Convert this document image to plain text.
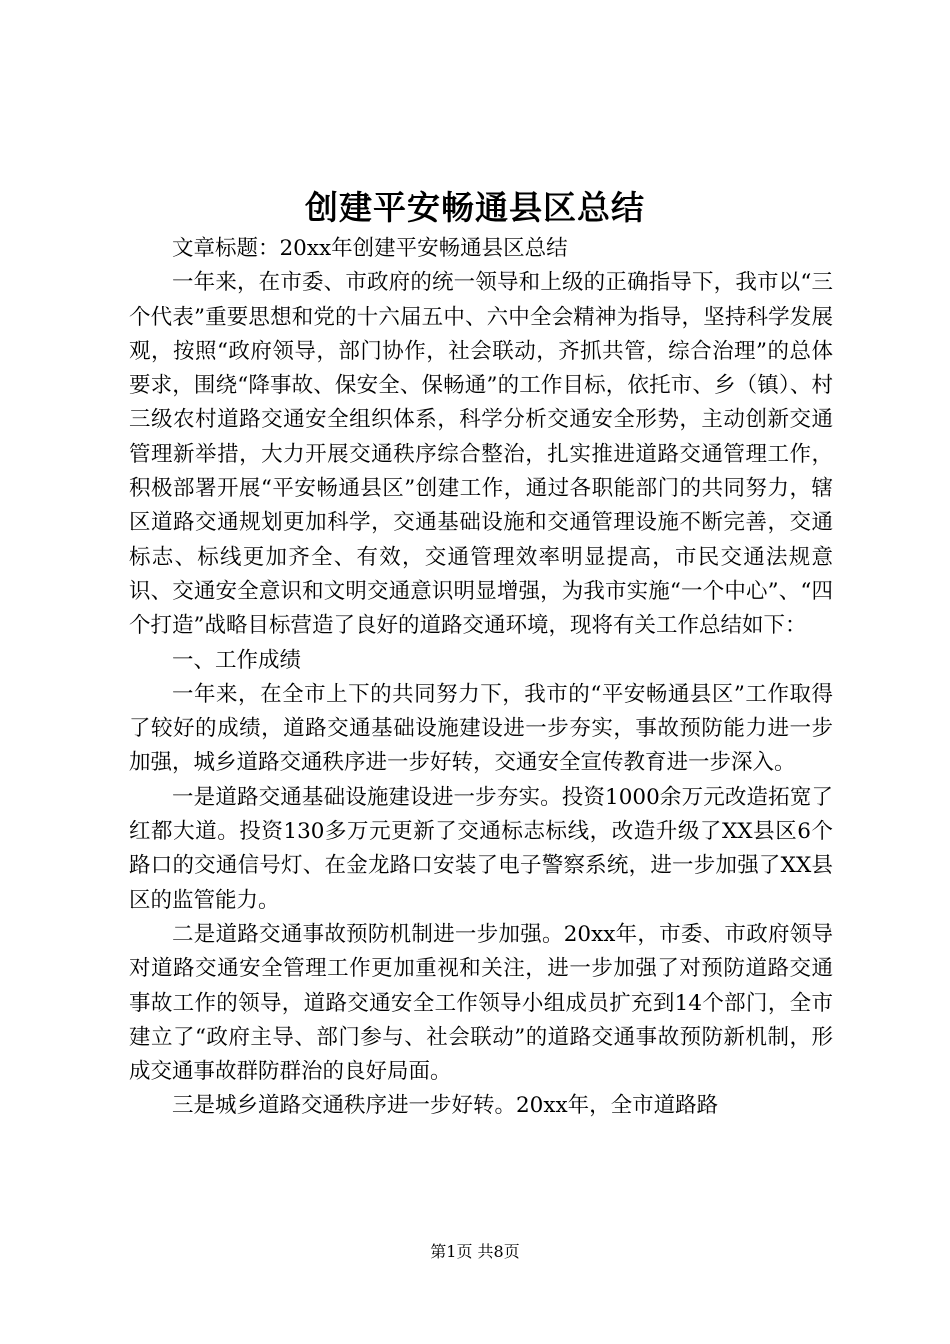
创建平安畅通县区总结

文章标题：20xx年创建平安畅通县区总结

一年来，在市委、市政府的统一领导和上级的正确指导下，我市以“三个代表”重要思想和党的十六届五中、六中全会精神为指导，坚持科学发展观，按照“政府领导，部门协作，社会联动，齐抓共管，综合治理”的总体要求，围绕“降事故、保安全、保畅通”的工作目标，依托市、乡（镇）、村三级农村道路交通安全组织体系，科学分析交通安全形势，主动创新交通管理新举措，大力开展交通秩序综合整治，扎实推进道路交通管理工作，积极部署开展“平安畅通县区”创建工作，通过各职能部门的共同努力，辖区道路交通规划更加科学，交通基础设施和交通管理设施不断完善，交通标志、标线更加齐全、有效，交通管理效率明显提高，市民交通法规意识、交通安全意识和文明交通意识明显增强，为我市实施“一个中心”、“四个打造”战略目标营造了良好的道路交通环境，现将有关工作总结如下：

一、工作成绩

一年来，在全市上下的共同努力下，我市的“平安畅通县区”工作取得了较好的成绩，道路交通基础设施建设进一步夯实，事故预防能力进一步加强，城乡道路交通秩序进一步好转，交通安全宣传教育进一步深入。

一是道路交通基础设施建设进一步夯实。投资1000余万元改造拓宽了红都大道。投资130多万元更新了交通标志标线，改造升级了XX县区6个路口的交通信号灯、在金龙路口安装了电子警察系统，进一步加强了XX县区的监管能力。

二是道路交通事故预防机制进一步加强。20xx年，市委、市政府领导对道路交通安全管理工作更加重视和关注，进一步加强了对预防道路交通事故工作的领导，道路交通安全工作领导小组成员扩充到14个部门，全市建立了“政府主导、部门参与、社会联动”的道路交通事故预防新机制，形成交通事故群防群治的良好局面。

三是城乡道路交通秩序进一步好转。20xx年，全市道路路

第1页 共8页
